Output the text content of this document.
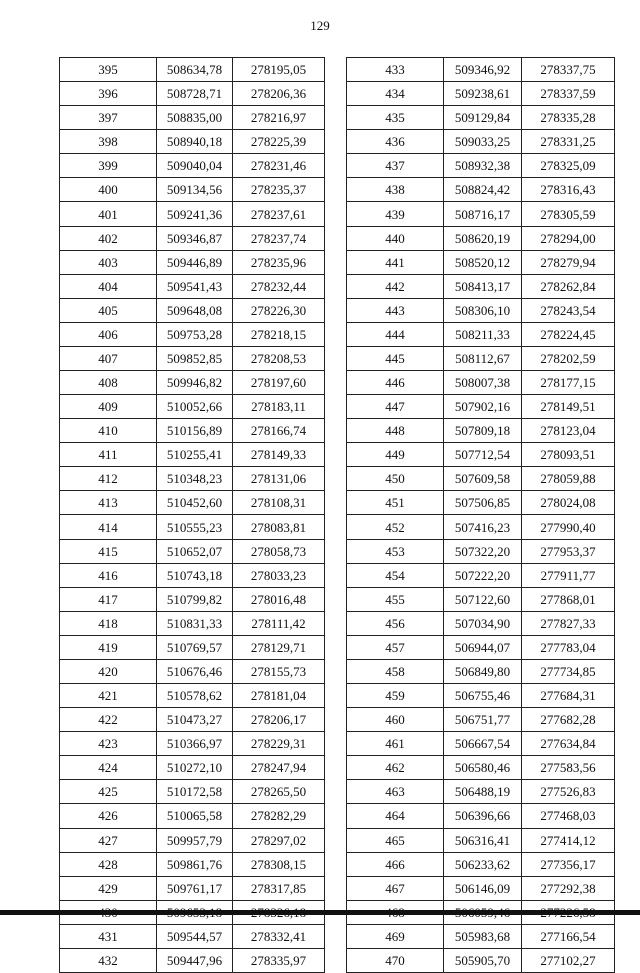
129
395	508634,78	278195,05
396	508728,71	278206,36
397	508835,00	278216,97
398	508940,18	278225,39
399	509040,04	278231,46
400	509134,56	278235,37
401	509241,36	278237,61
402	509346,87	278237,74
403	509446,89	278235,96
404	509541,43	278232,44
405	509648,08	278226,30
406	509753,28	278218,15
407	509852,85	278208,53
408	509946,82	278197,60
409	510052,66	278183,11
410	510156,89	278166,74
411	510255,41	278149,33
412	510348,23	278131,06
413	510452,60	278108,31
414	510555,23	278083,81
415	510652,07	278058,73
416	510743,18	278033,23
417	510799,82	278016,48
418	510831,33	278111,42
419	510769,57	278129,71
420	510676,46	278155,73
421	510578,62	278181,04
422	510473,27	278206,17
423	510366,97	278229,31
424	510272,10	278247,94
425	510172,58	278265,50
426	510065,58	278282,29
427	509957,79	278297,02
428	509861,76	278308,15
429	509761,17	278317,85

431	509544,57	278332,41
432	509447,96	278335,97
433	509346,92	278337,75
434	509238,61	278337,59
435	509129,84	278335,28
436	509033,25	278331,25
437	508932,38	278325,09
438	508824,42	278316,43
439	508716,17	278305,59
440	508620,19	278294,00
441	508520,12	278279,94
442	508413,17	278262,84
443	508306,10	278243,54
444	508211,33	278224,45
445	508112,67	278202,59
446	508007,38	278177,15
447	507902,16	278149,51
448	507809,18	278123,04
449	507712,54	278093,51
450	507609,58	278059,88
451	507506,85	278024,08
452	507416,23	277990,40
453	507322,20	277953,37
454	507222,20	277911,77
455	507122,60	277868,01
456	507034,90	277827,33
457	506944,07	277783,04
458	506849,80	277734,85
459	506755,46	277684,31
460	506751,77	277682,28
461	506667,54	277634,84
462	506580,46	277583,56
463	506488,19	277526,83
464	506396,66	277468,03
465	506316,41	277414,12
466	506233,62	277356,17
467	506146,09	277292,38

469	505983,68	277166,54
470	505905,70	277102,27
